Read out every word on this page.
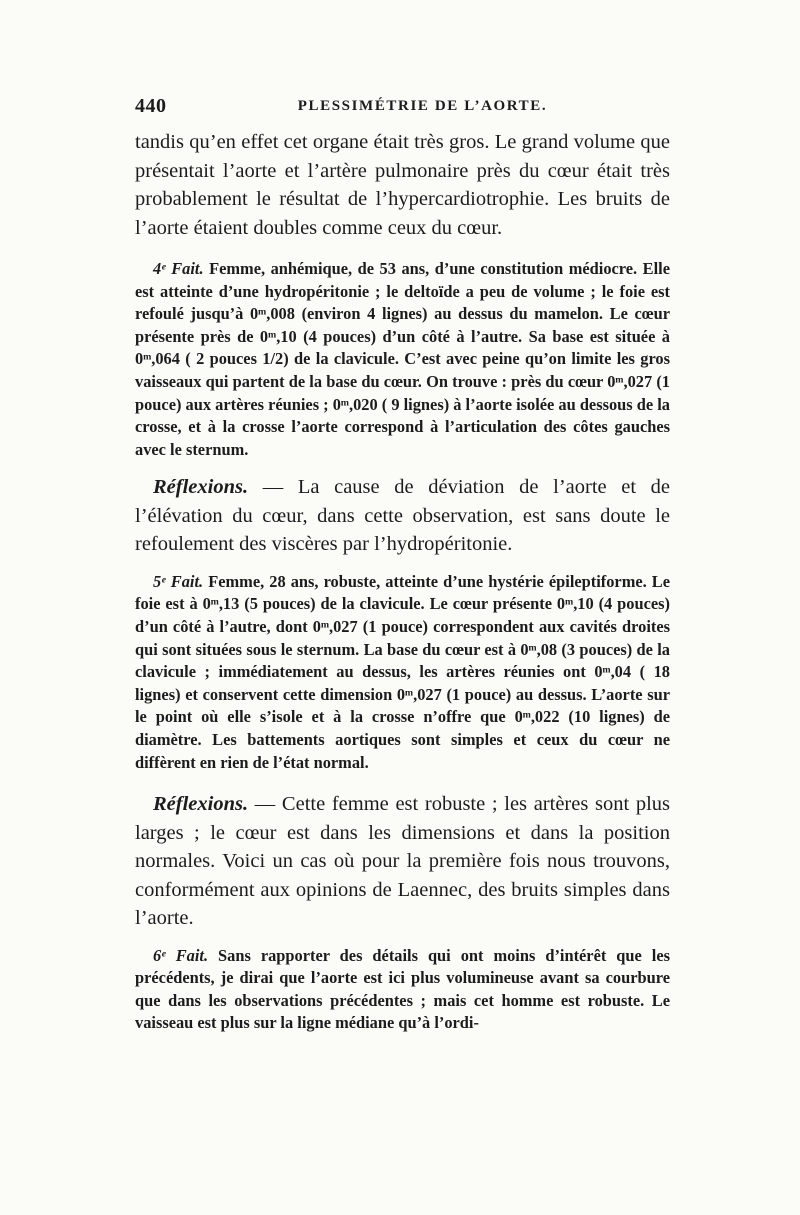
440	PLESSIMÉTRIE DE L’AORTE.

tandis qu’en effet cet organe était très gros. Le grand volume que présentait l’aorte et l’artère pulmonaire près du cœur était très probablement le résultat de l’hypercardiotrophie. Les bruits de l’aorte étaient doubles comme ceux du cœur.

4ᵉ Fait. Femme, anhémique, de 53 ans, d’une constitution médiocre. Elle est atteinte d’une hydropéritonie ; le deltoïde a peu de volume ; le foie est refoulé jusqu’à 0ᵐ,008 (environ 4 lignes) au dessus du mamelon. Le cœur présente près de 0ᵐ,10 (4 pouces) d’un côté à l’autre. Sa base est située à 0ᵐ,064 ( 2 pouces 1/2) de la clavicule. C’est avec peine qu’on limite les gros vaisseaux qui partent de la base du cœur. On trouve : près du cœur 0ᵐ,027 (1 pouce) aux artères réunies ; 0ᵐ,020 ( 9 lignes) à l’aorte isolée au dessous de la crosse, et à la crosse l’aorte correspond à l’articulation des côtes gauches avec le sternum.

Réflexions. — La cause de déviation de l’aorte et de l’élévation du cœur, dans cette observation, est sans doute le refoulement des viscères par l’hydropéritonie.

5ᵉ Fait. Femme, 28 ans, robuste, atteinte d’une hystérie épileptiforme. Le foie est à 0ᵐ,13 (5 pouces) de la clavicule. Le cœur présente 0ᵐ,10 (4 pouces) d’un côté à l’autre, dont 0ᵐ,027 (1 pouce) correspondent aux cavités droites qui sont situées sous le sternum. La base du cœur est à 0ᵐ,08 (3 pouces) de la clavicule ; immédiatement au dessus, les artères réunies ont 0ᵐ,04 ( 18 lignes) et conservent cette dimension 0ᵐ,027 (1 pouce) au dessus. L’aorte sur le point où elle s’isole et à la crosse n’offre que 0ᵐ,022 (10 lignes) de diamètre. Les battements aortiques sont simples et ceux du cœur ne diffèrent en rien de l’état normal.

Réflexions. — Cette femme est robuste ; les artères sont plus larges ; le cœur est dans les dimensions et dans la position normales. Voici un cas où pour la première fois nous trouvons, conformément aux opinions de Laennec, des bruits simples dans l’aorte.

6ᵉ Fait. Sans rapporter des détails qui ont moins d’intérêt que les précédents, je dirai que l’aorte est ici plus volumineuse avant sa courbure que dans les observations précédentes ; mais cet homme est robuste. Le vaisseau est plus sur la ligne médiane qu’à l’ordi-
